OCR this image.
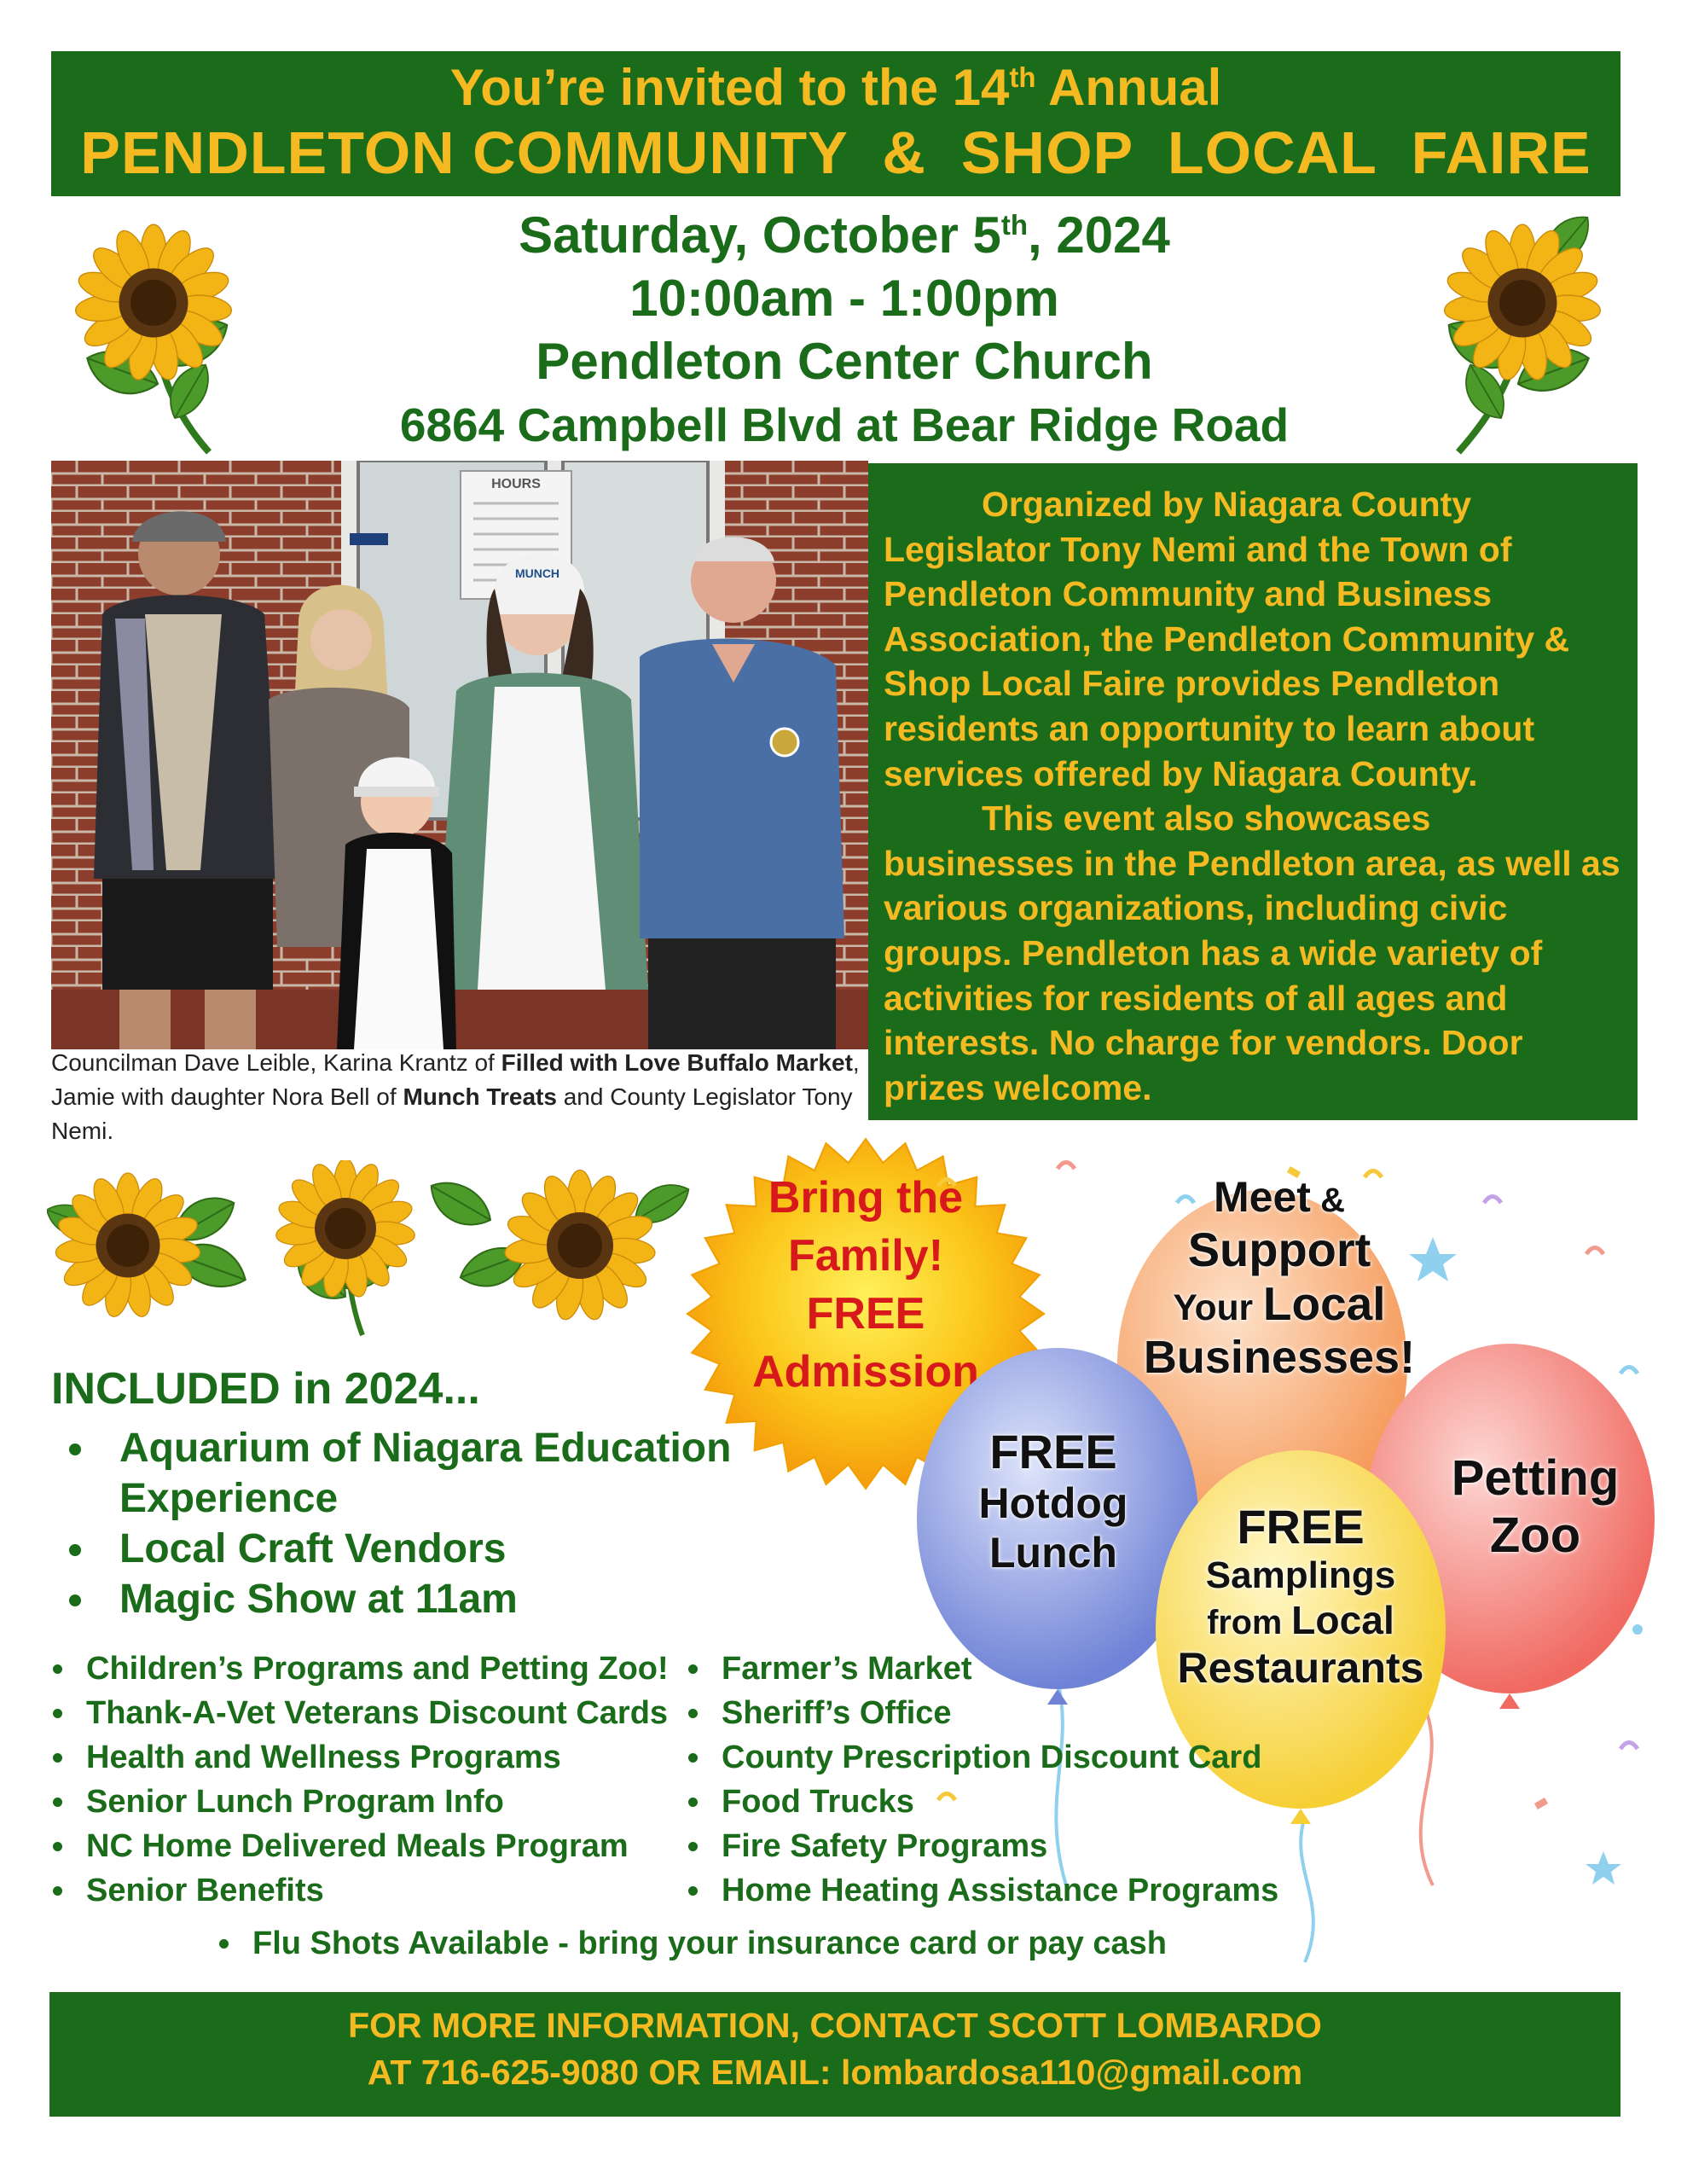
You’re invited to the 14th Annual
PENDLETON COMMUNITY  &  SHOP  LOCAL  FAIRE
Saturday, October 5th, 2024
10:00am - 1:00pm
Pendleton Center Church
6864 Campbell Blvd at Bear Ridge Road
HOURS
MUNCH
Councilman Dave Leible, Karina Krantz of Filled with Love Buffalo Market, Jamie with daughter Nora Bell of Munch Treats and County Legislator Tony Nemi.

Organized by Niagara County Legislator Tony Nemi and the Town of Pendleton Community and Business Association, the Pendleton Community & Shop Local Faire provides Pendleton residents an opportunity to learn about services offered by Niagara County.

This event also showcases businesses in the Pendleton area, as well as various organizations, including civic groups. Pendleton has a wide variety of activities for residents of all ages and interests. No charge for vendors. Door prizes welcome.

INCLUDED in 2024...
• Aquarium of Niagara Education Experience
• Local Craft Vendors
• Magic Show at 11am
• Children’s Programs and Petting Zoo!
• Thank-A-Vet Veterans Discount Cards
• Health and Wellness Programs
• Senior Lunch Program Info
• NC Home Delivered Meals Program
• Senior Benefits
Bring the
Family!
FREE
Admission
Meet &
Support
Your Local
Businesses!
FREE
Hotdog
Lunch	FREE
Samplings
from Local
Restaurants
Petting
Zoo
• Farmer’s Market
• Sheriff’s Office
• County Prescription Discount Card
• Food Trucks
• Fire Safety Programs
• Home Heating Assistance Programs
• Flu Shots Available - bring your insurance card or pay cash
FOR MORE INFORMATION, CONTACT SCOTT LOMBARDO
AT 716-625-9080 OR EMAIL: lombardosa110@gmail.com
